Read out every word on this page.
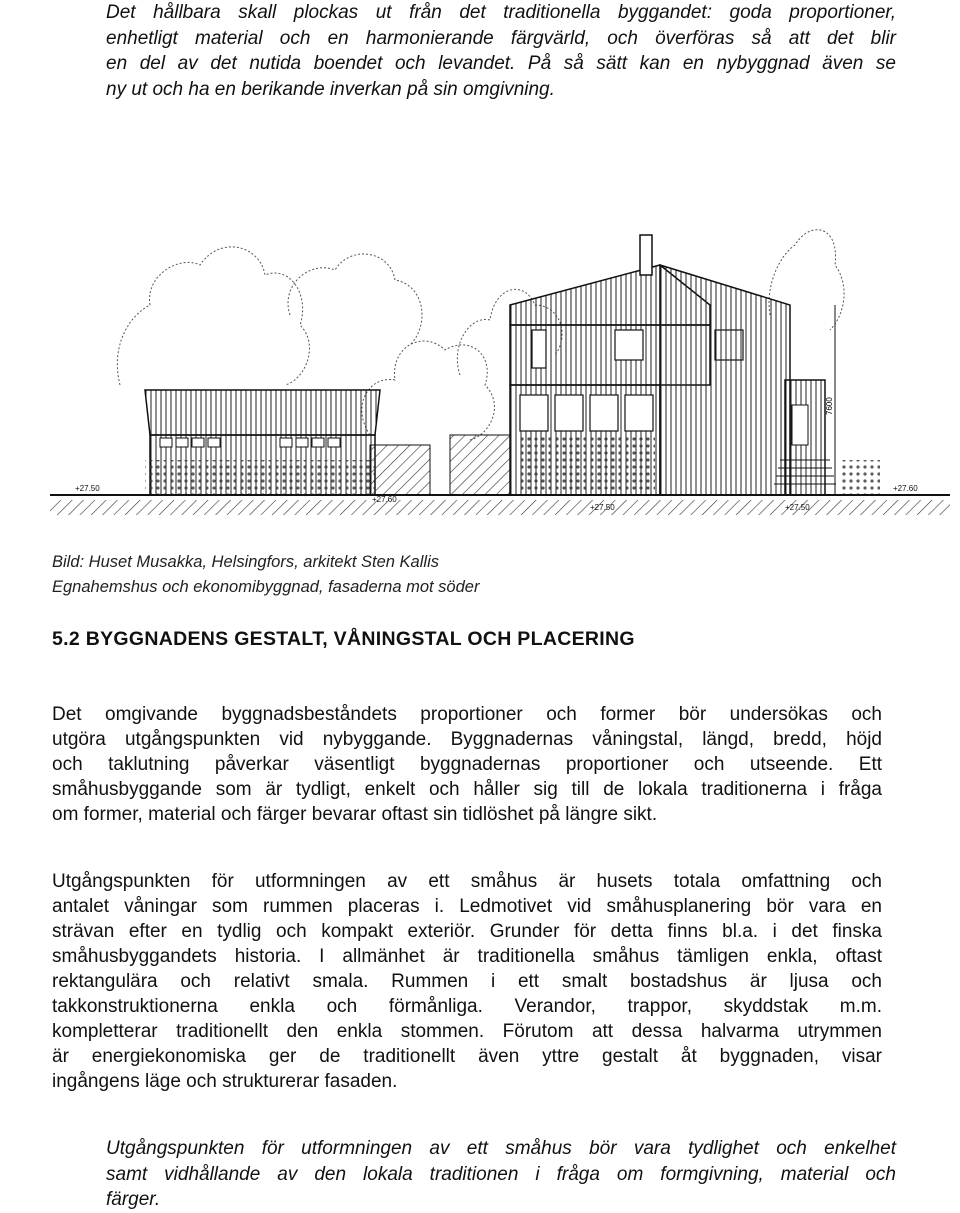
Det hållbara skall plockas ut från det traditionella byggandet: goda proportioner,
enhetligt material och en harmonierande färgvärld, och överföras så att det blir
en del av det nutida boendet och levandet. På så sätt kan en nybyggnad även se
ny ut och ha en berikande inverkan på sin omgivning.
7600
+27.50
+27.60
+27.50	+27.50
+27.60
Bild: Huset Musakka, Helsingfors, arkitekt Sten Kallis
Egnahemshus och ekonomibyggnad, fasaderna mot söder
5.2 BYGGNADENS GESTALT, VÅNINGSTAL OCH PLACERING
Det omgivande byggnadsbeståndets proportioner och former bör undersökas och
utgöra utgångspunkten vid nybyggande. Byggnadernas våningstal, längd, bredd, höjd
och taklutning påverkar väsentligt byggnadernas proportioner och utseende. Ett
småhusbyggande som är tydligt, enkelt och håller sig till de lokala traditionerna i fråga
om former, material och färger bevarar oftast sin tidlöshet på längre sikt.
Utgångspunkten för utformningen av ett småhus är husets totala omfattning och
antalet våningar som rummen placeras i. Ledmotivet vid småhusplanering bör vara en
strävan efter en tydlig och kompakt exteriör. Grunder för detta finns bl.a. i det finska
småhusbyggandets historia. I allmänhet är traditionella småhus tämligen enkla, oftast
rektangulära och relativt smala. Rummen i ett smalt bostadshus är ljusa och
takkonstruktionerna enkla och förmånliga. Verandor, trappor, skyddstak m.m.
kompletterar traditionellt den enkla stommen. Förutom att dessa halvarma utrymmen
är energiekonomiska ger de traditionellt även yttre gestalt åt byggnaden, visar
ingångens läge och strukturerar fasaden.
Utgångspunkten för utformningen av ett småhus bör vara tydlighet och enkelhet
samt vidhållande av den lokala traditionen i fråga om formgivning, material och
färger.
